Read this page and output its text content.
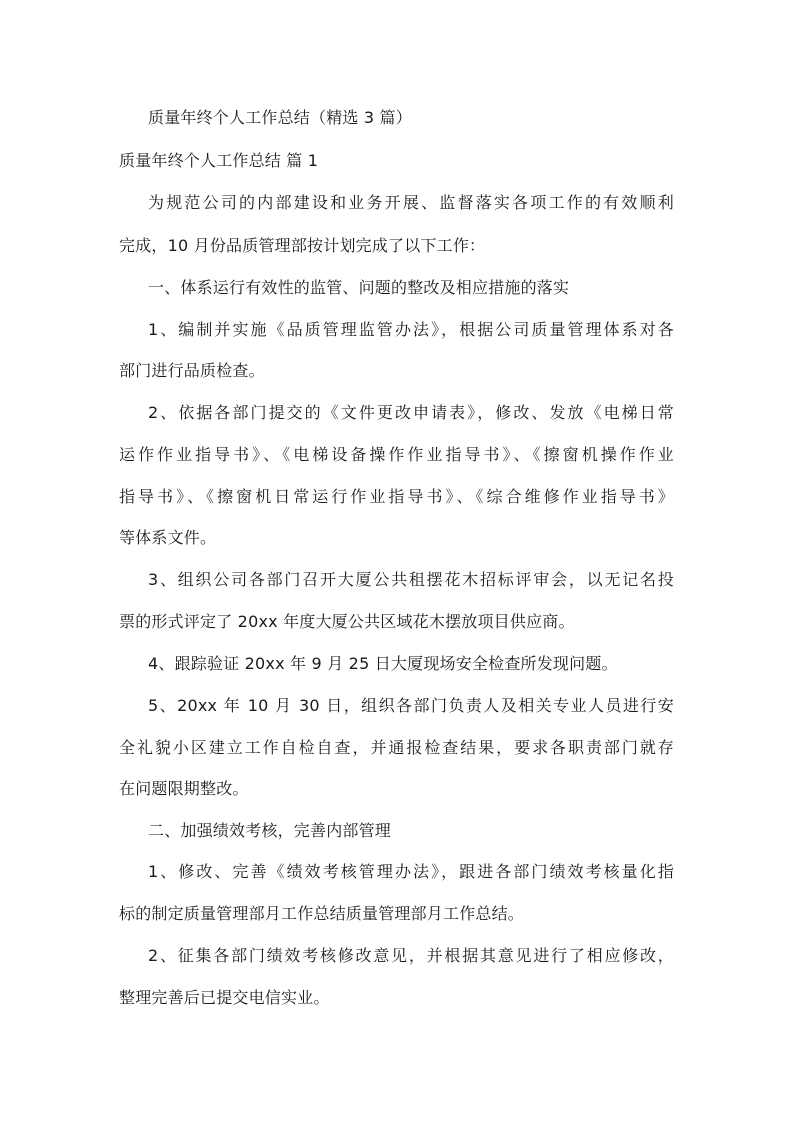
质量年终个人工作总结（精选 3 篇）
质量年终个人工作总结 篇 1
为规范公司的内部建设和业务开展、监督落实各项工作的有效顺利
完成，10 月份品质管理部按计划完成了以下工作：
一、体系运行有效性的监管、问题的整改及相应措施的落实
1、编制并实施《品质管理监管办法》，根据公司质量管理体系对各
部门进行品质检查。
2、依据各部门提交的《文件更改申请表》，修改、发放《电梯日常
运作作业指导书》、《电梯设备操作作业指导书》、《擦窗机操作作业
指导书》、《擦窗机日常运行作业指导书》、《综合维修作业指导书》
等体系文件。
3、组织公司各部门召开大厦公共租摆花木招标评审会，以无记名投
票的形式评定了 20xx 年度大厦公共区域花木摆放项目供应商。
4、跟踪验证 20xx 年 9 月 25 日大厦现场安全检查所发现问题。
5、20xx 年 10 月 30 日，组织各部门负责人及相关专业人员进行安
全礼貌小区建立工作自检自查，并通报检查结果，要求各职责部门就存
在问题限期整改。
二、加强绩效考核，完善内部管理
1、修改、完善《绩效考核管理办法》，跟进各部门绩效考核量化指
标的制定质量管理部月工作总结质量管理部月工作总结。
2、征集各部门绩效考核修改意见，并根据其意见进行了相应修改，
整理完善后已提交电信实业。
